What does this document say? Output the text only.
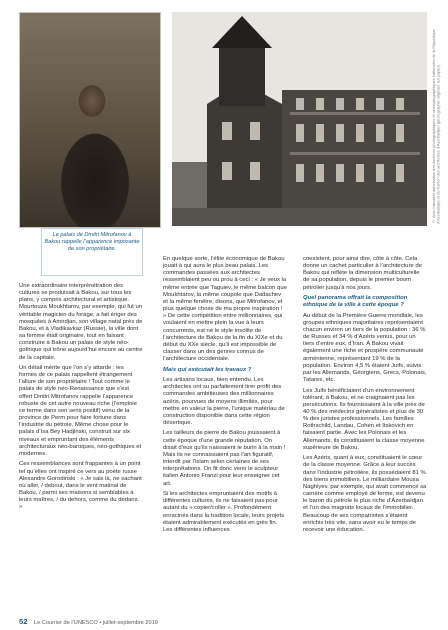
© Avec l’aimable autorisation des Archives photographiques et cinématographiques nationales de la République d’Azerbaïdjan et de l’Union des architectes d’Azerbaïdjan (photographie originale sur papier).
Le palais de Dmitri Mitrofanov à Bakou rappelle l’apparence imposante de son propriétaire.

Une extraordinaire interprénétration des cultures se produisait à Bakou, sur tous les plans, y compris architectural et artistique. Mourtouza Moukhtarov, par exemple, qui fut un véritable magicien du forage, a fait ériger des mosquées à Amirdjan, son village natal près de Bakou, et à Vladikavkaz (Russie), la ville dont sa femme était originaire, tout en faisant construire à Bakou un palais de style néo-gothique qui trône aujourd’hui encore au centre de la capitale.

Un détail mérite que l’on s’y attarde : les formes de ce palais rappellent étrangement l’allure de son propriétaire ! Tout comme le palais de style néo-Renaissance que s’est offert Dmitri Mitrofanov rappelle l’apparence robuste de cet autre nouveau riche (l’emploie ce terme dans son sens positif) venu de la province de Perm pour faire fortune dans l’industrie du pétrole. Même chose pour le palais d’Isa Bey Hadjinski, construit sur six niveaux et empruntant des éléments architecturaux néo-baroques, néo-gothiques et modernes.

Ces ressemblances sont frappantes à un point tel qu’elles ont inspiré ce vers au poète russe Alexandre Gorodinski : « Je sais là, ne sachant où aller, / debout, dans le vent matinal de Bakou, / parmi ses maisons si semblables à leurs maîtres, / du dehors, comme du dedans. »

En quelque sorte, l’élite économique de Bakou jouait à qui aura le plus beau palais. Les commandes passées aux architectes ressemblaient peu ou prou à ceci : « Je veux la même entrée que Taguiev, le même balcon que Moukhtarov, la même coupole que Dadachev et la même fenêtre, disons, que Mitrofanov, et plus quelque chose de ma propre inspiration ! » De cette compétition entre millionnaires, qui voulaient en mettre plein la vue à leurs concurrents, est né le style insolite de l’architecture de Bakou de la fin du XIXe et du début du XXe siècle, qu’il est impossible de classer dans un des genres connus de l’architecture occidentale.

Mais qui exécutait les travaux ?

Les artisans locaux, bien entendu. Les architectes ont su parfaitement tirer profit des commandes ambitieuses des millionnaires azéris, pourvues de moyens illimités, pour mettre en valeur la pierre, l’unique matériau de construction disponible dans cette région désertique.

Les tailleurs de pierre de Bakou jouissaient à cette époque d’une grande réputation. On disait d’eux qu’ils naissaient le burin à la main ! Mais ils ne connaissaient pas l’art figuratif, interdit par l’islam selon certaines de ses interprétations. On fit donc venir le sculpteur italien Antonio Franzi pour leur enseigner cet art.

Si les architectes empruntaient des motifs à différentes cultures, ils ne faisaient pas pour autant du « copier/coller ». Profondément enracinés dans la tradition locale, leurs projets étaient admirablement exécutés en grès fin. Les différentes influences

coexistent, pour ainsi dire, côte à côte. Cela donne un cachet particulier à l’architecture de Bakou qui reflète la dimension multiculturelle de sa population, depuis le premier boom pétrolier jusqu’à nos jours.

Quel panorama offrait la composition ethnique de la ville à cette époque ?

Au début de la Première Guerre mondiale, les groupes ethniques majoritaires représentaient chacun environ un tiers de la population : 36 % de Russes et 34 % d’Azéris venus, pour un tiers d’entre eux, d’Iran. À Bakou vivait également une riche et prospère communauté arménienne, représentant 19 % de la population. Environ 4,5 % étaient Juifs, suivis par les Allemands, Géorgiens, Grecs, Polonais, Tatares, etc.

Les Juifs bénéficiaient d’un environnement tolérant, à Bakou, et ne craignaient pas les persécutions. Ils fournissaient à la ville près de 40 % des médecins généralistes et plus de 30 % des juristes professionnels. Les familles Rothschild, Landau, Cohen et Itskovich en faisaient partie. Avec les Polonais et les Allemands, ils constituaient la classe moyenne supérieure de Bakou.

Les Azéris, quant à eux, constituaient le cœur de la classe moyenne. Grâce à leur succès dans l’industrie pétrolière, ils possédaient 81 % des biens immobiliers. Le milliardaire Mousa Naghiyev, par exemple, qui avait commencé sa carrière comme employé de ferme, est devenu le baron du pétrole le plus riche d’Azerbaïdjan et l’un des magnats locaux de l’immobilier. Beaucoup de ses compatriotes s’étaient enrichis très vite, sans avoir eu le temps de recevoir une éducation.

52 Le Courrier de l’UNESCO • juillet-septembre 2019
